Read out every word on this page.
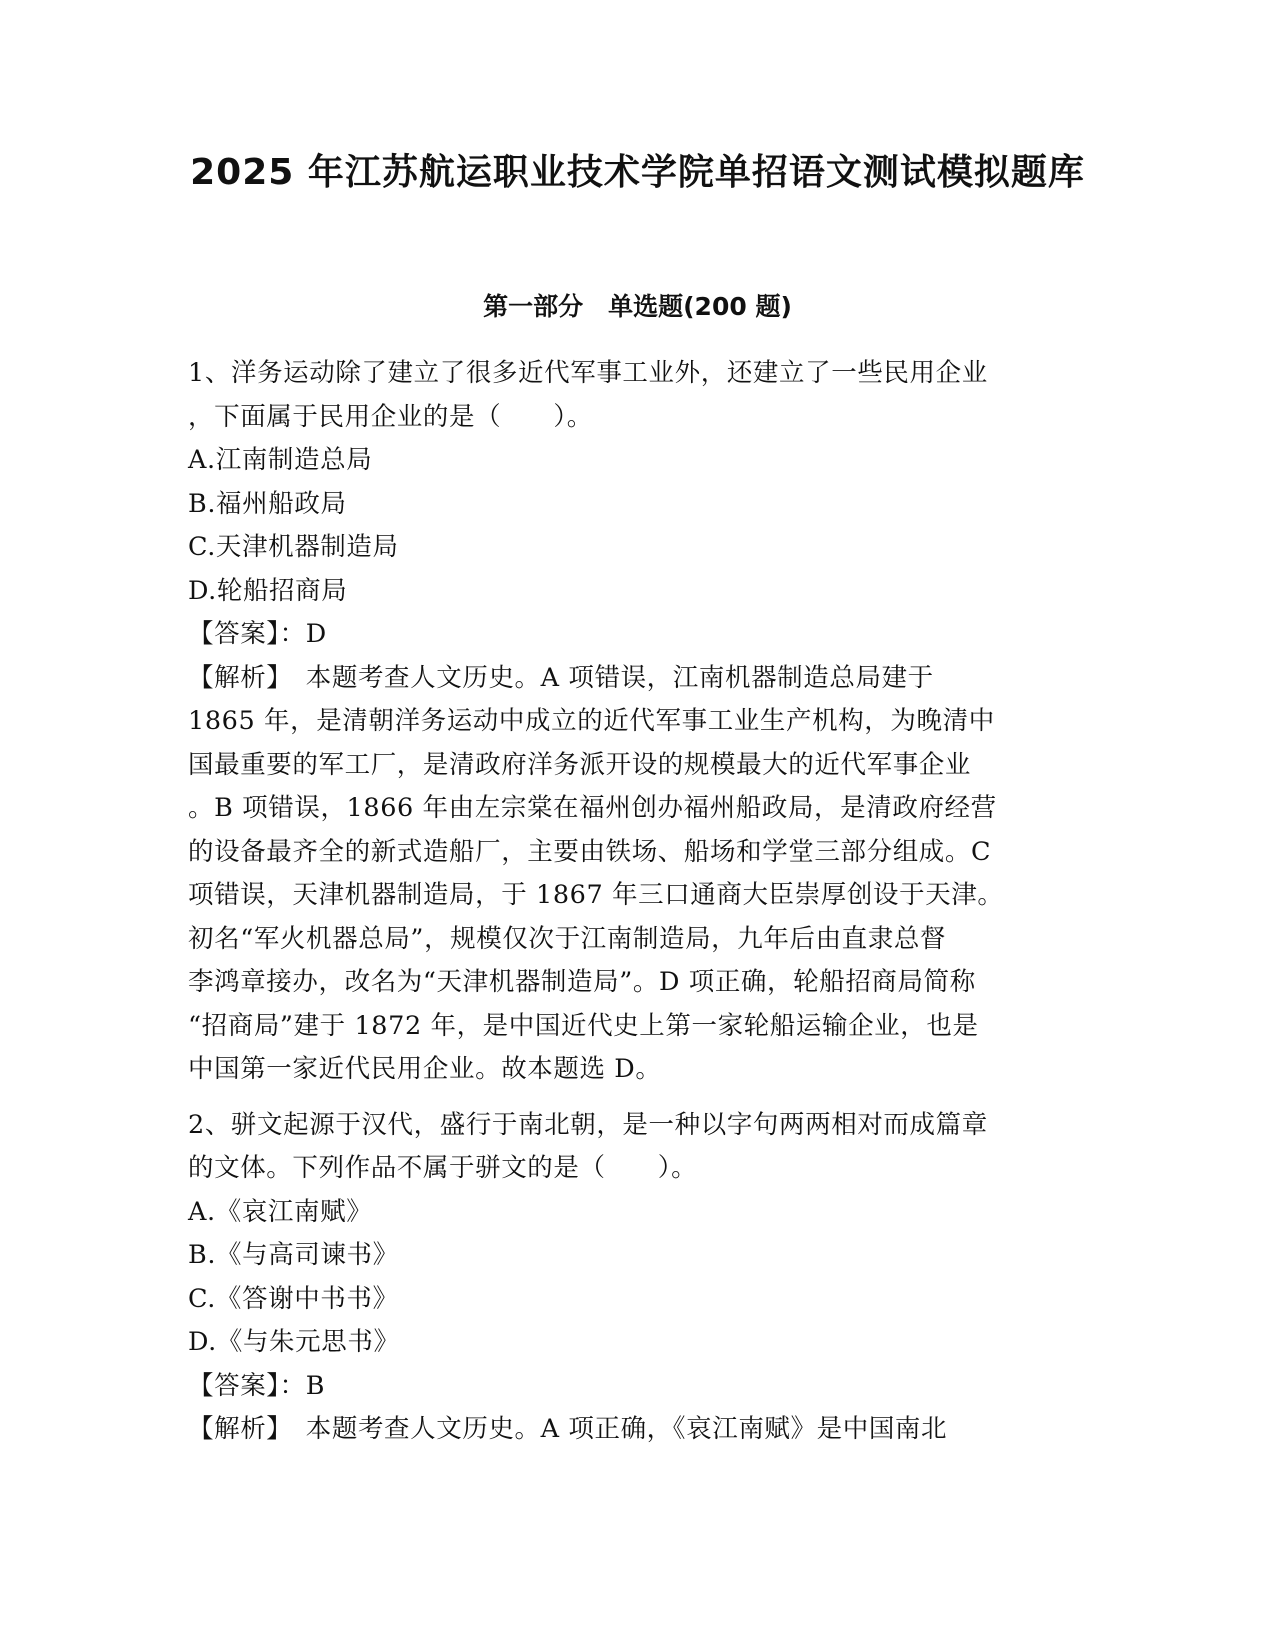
2025 年江苏航运职业技术学院单招语文测试模拟题库
第一部分　单选题(200 题)
1、洋务运动除了建立了很多近代军事工业外，还建立了一些民用企业
，下面属于民用企业的是（　　）。
A.江南制造总局
B.福州船政局
C.天津机器制造局
D.轮船招商局
【答案】：D
【解析】　本题考查人文历史。A 项错误，江南机器制造总局建于
1865 年，是清朝洋务运动中成立的近代军事工业生产机构，为晚清中
国最重要的军工厂，是清政府洋务派开设的规模最大的近代军事企业
。B 项错误，1866 年由左宗棠在福州创办福州船政局，是清政府经营
的设备最齐全的新式造船厂，主要由铁场、船场和学堂三部分组成。C
项错误，天津机器制造局，于 1867 年三口通商大臣崇厚创设于天津。
初名“军火机器总局”，规模仅次于江南制造局，九年后由直隶总督
李鸿章接办，改名为“天津机器制造局”。D 项正确，轮船招商局简称
“招商局”建于 1872 年，是中国近代史上第一家轮船运输企业，也是
中国第一家近代民用企业。故本题选 D。
2、骈文起源于汉代，盛行于南北朝，是一种以字句两两相对而成篇章
的文体。下列作品不属于骈文的是（　　）。
A.《哀江南赋》
B.《与高司谏书》
C.《答谢中书书》
D.《与朱元思书》
【答案】：B
【解析】　本题考查人文历史。A 项正确，《哀江南赋》是中国南北
